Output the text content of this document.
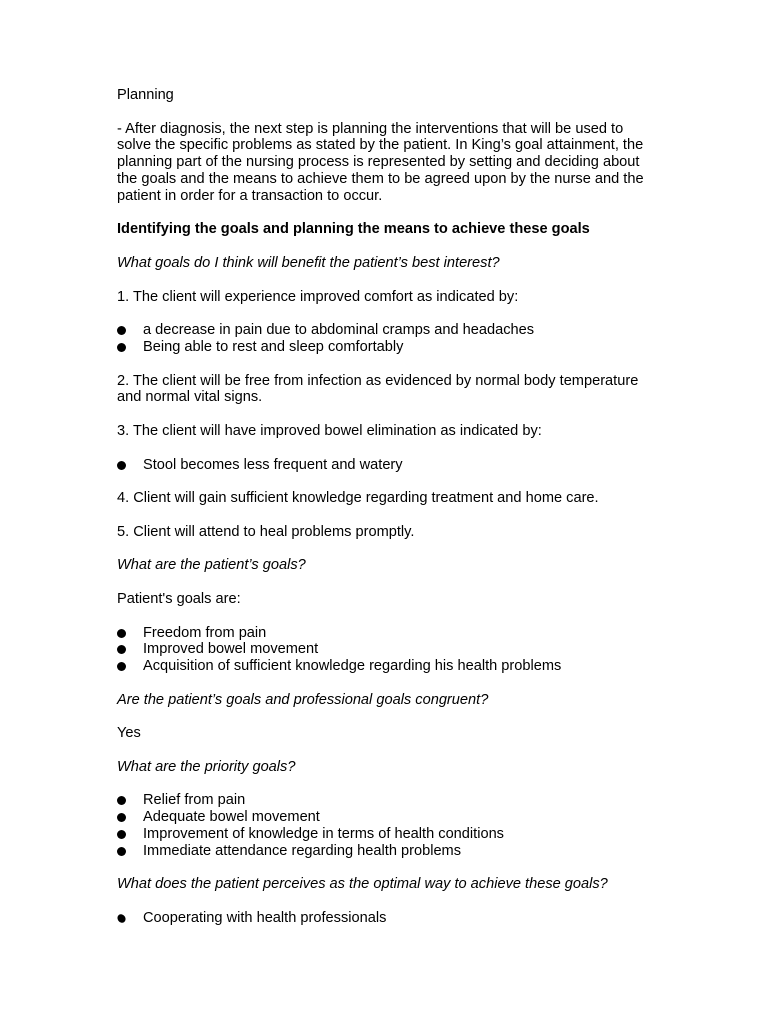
Planning

- After diagnosis, the next step is planning the interventions that will be used to solve the specific problems as stated by the patient. In King’s goal attainment, the planning part of the nursing process is represented by setting and deciding about the goals and the means to achieve them to be agreed upon by the nurse and the patient in order for a transaction to occur.

Identifying the goals and planning the means to achieve these goals

What goals do I think will benefit the patient’s best interest?

1. The client will experience improved comfort as indicated by:

a decrease in pain due to abdominal cramps and headaches
Being able to rest and sleep comfortably

2. The client will be free from infection as evidenced by normal body temperature and normal vital signs.

3. The client will have improved bowel elimination as indicated by:

Stool becomes less frequent and watery

4. Client will gain sufficient knowledge regarding treatment and home care.

5. Client will attend to heal problems promptly.

What are the patient’s goals?

Patient's goals are:

Freedom from pain
Improved bowel movement
Acquisition of sufficient knowledge regarding his health problems

Are the patient’s goals and professional goals congruent?

Yes

What are the priority goals?

Relief from pain
Adequate bowel movement
Improvement of knowledge in terms of health conditions
Immediate attendance regarding health problems

What does the patient perceives as the optimal way to achieve these goals?

Cooperating with health professionals
